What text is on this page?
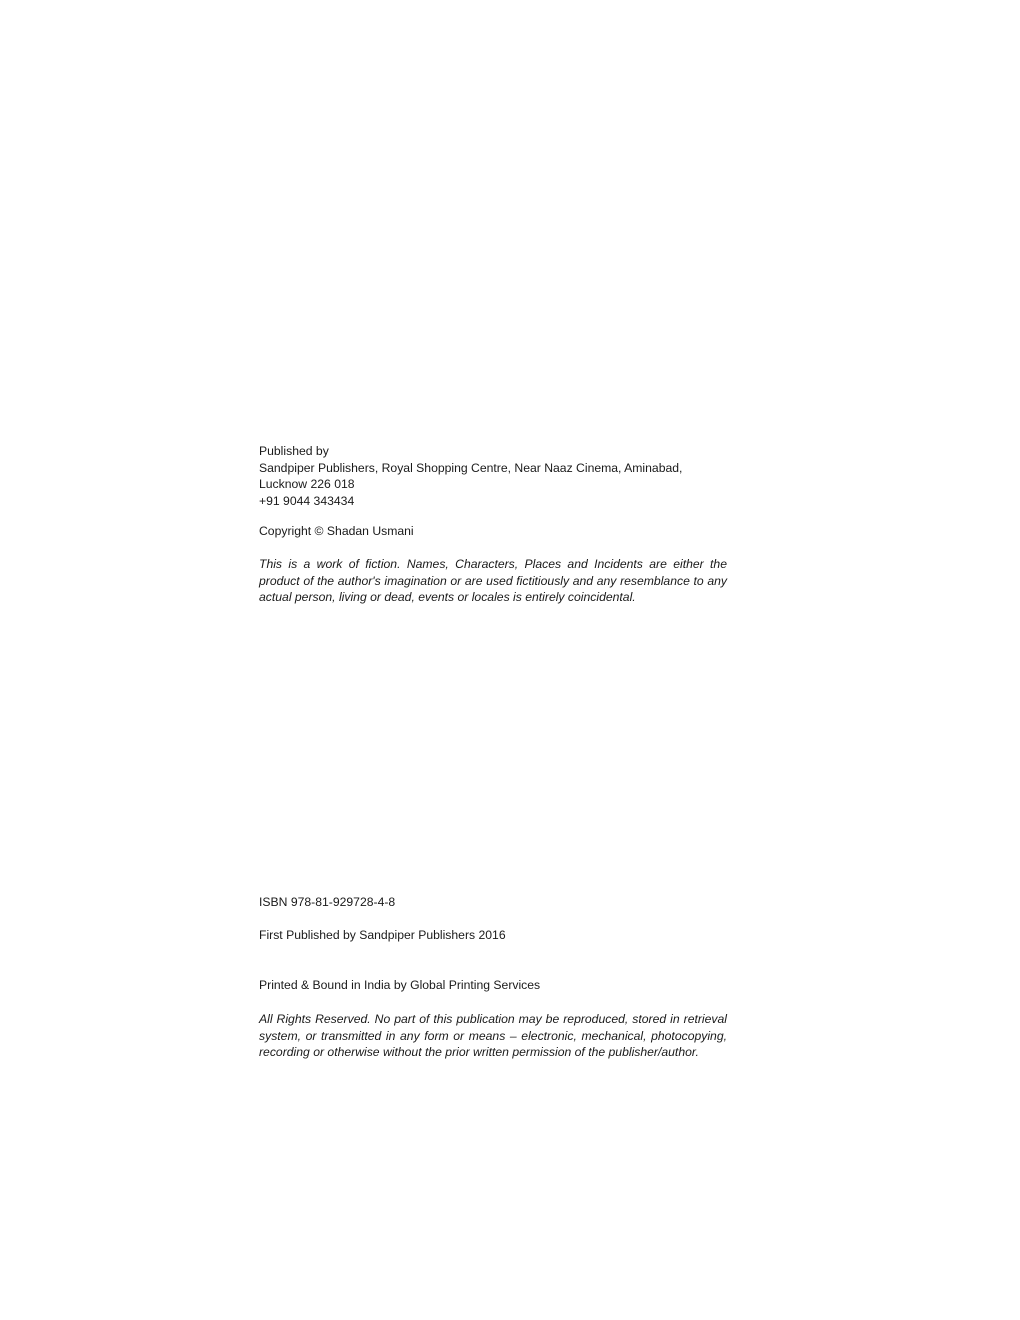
Published by
Sandpiper Publishers, Royal Shopping Centre, Near Naaz Cinema, Aminabad,
Lucknow 226 018
+91 9044 343434
Copyright © Shadan Usmani
This is a work of fiction. Names, Characters, Places and Incidents are either the product of the author's imagination or are used fictitiously and any resemblance to any actual person, living or dead, events or locales is entirely coincidental.
ISBN 978-81-929728-4-8
First Published by Sandpiper Publishers 2016
Printed & Bound in India by Global Printing Services
All Rights Reserved. No part of this publication may be reproduced, stored in retrieval system, or transmitted in any form or means – electronic, mechanical, photocopying, recording or otherwise without the prior written permission of the publisher/author.
